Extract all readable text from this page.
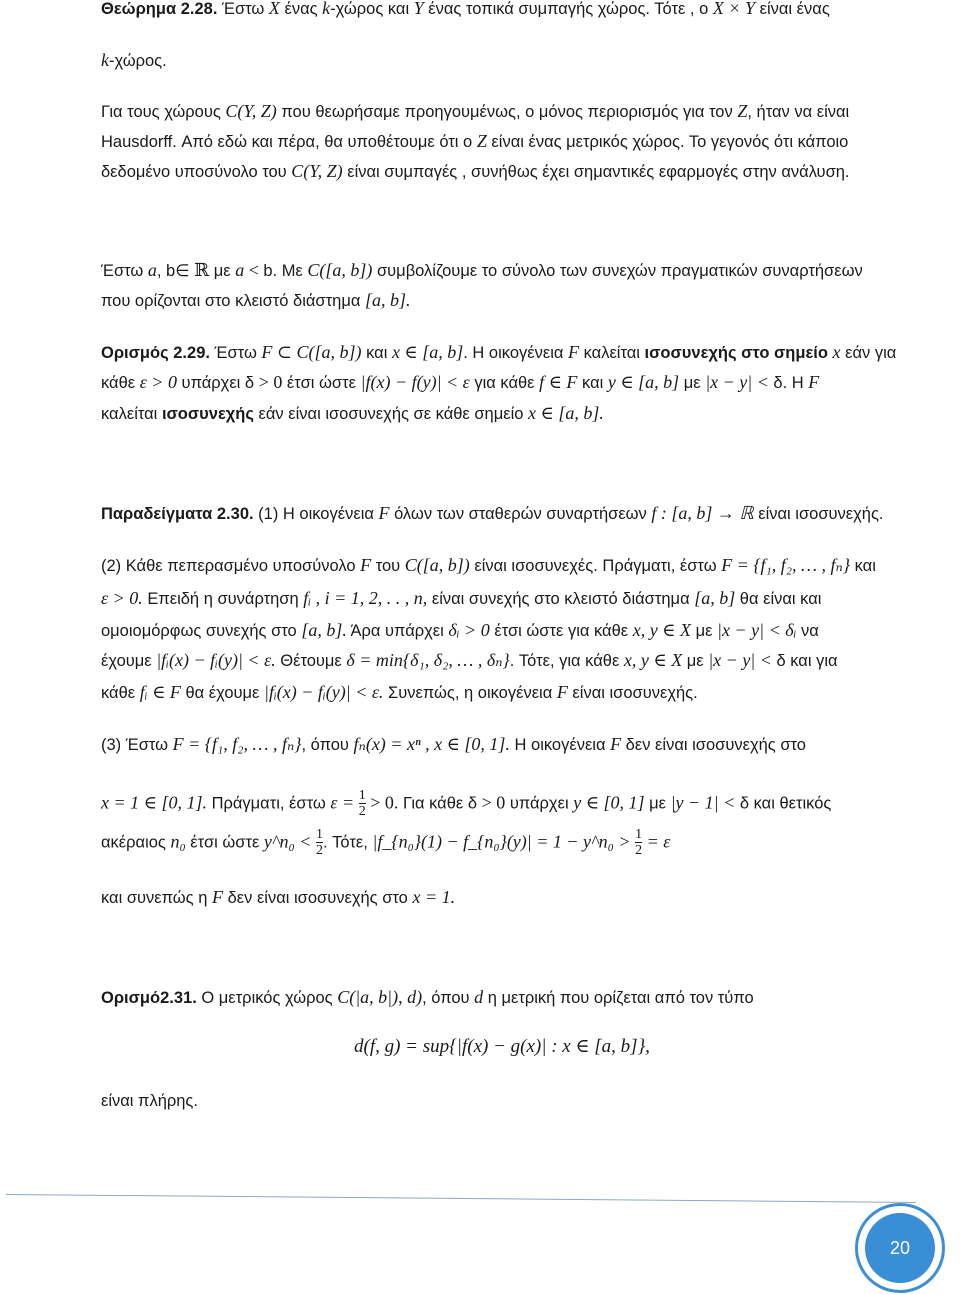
Θεώρημα 2.28. Έστω X ένας k-χώρος και Y ένας τοπικά συμπαγής χώρος. Τότε , ο X × Y είναι ένας
k-χώρος.
Για τους χώρους C(Y, Z) που θεωρήσαμε προηγουμένως, ο μόνος περιορισμός για τον Z, ήταν να είναι
Hausdorff. Από εδώ και πέρα, θα υποθέτουμε ότι ο Z είναι ένας μετρικός χώρος. Το γεγονός ότι κάποιο
δεδομένο υποσύνολο του C(Y, Z) είναι συμπαγές , συνήθως έχει σημαντικές εφαρμογές στην ανάλυση.
Έστω a, b∈ ℝ με a < b. Με C([a, b]) συμβολίζουμε το σύνολο των συνεχών πραγματικών συναρτήσεων
που ορίζονται στο κλειστό διάστημα [a, b].
Ορισμός 2.29. Έστω F ⊂ C([a, b]) και x ∈ [a, b]. Η οικογένεια F καλείται ισοσυνεχής στο σημείο x εάν για
κάθε ε > 0 υπάρχει δ > 0 έτσι ώστε |f(x) − f(y)| < ε για κάθε f ∈ F και y ∈ [a, b] με |x − y| < δ. Η F
καλείται ισοσυνεχής εάν είναι ισοσυνεχής σε κάθε σημείο x ∈ [a, b].
Παραδείγματα 2.30. (1) Η οικογένεια F όλων των σταθερών συναρτήσεων f : [a, b] → ℝ είναι ισοσυνεχής.
(2) Κάθε πεπερασμένο υποσύνολο F του C([a, b]) είναι ισοσυνεχές. Πράγματι, έστω F = {f₁, f₂, … , fₙ} και
ε > 0. Επειδή η συνάρτηση fᵢ , i = 1, 2, . . , n, είναι συνεχής στο κλειστό διάστημα [a, b] θα είναι και
ομοιομόρφως συνεχής στο [a, b]. Άρα υπάρχει δᵢ > 0 έτσι ώστε για κάθε x, y ∈ X με |x − y| < δᵢ να
έχουμε |fᵢ(x) − fᵢ(y)| < ε. Θέτουμε δ = min{δ₁, δ₂, … , δₙ}. Τότε, για κάθε x, y ∈ X με |x − y| < δ και για
κάθε fᵢ ∈ F θα έχουμε |fᵢ(x) − fᵢ(y)| < ε. Συνεπώς, η οικογένεια F είναι ισοσυνεχής.
(3) Έστω F = {f₁, f₂, … , fₙ}, όπου fₙ(x) = xⁿ , x ∈ [0, 1]. Η οικογένεια F δεν είναι ισοσυνεχής στο
x = 1 ∈ [0, 1]. Πράγματι, έστω $\varepsilon = \frac{1}{2} > 0$. Για κάθε δ > 0 υπάρχει y ∈ [0, 1] με |y − 1| < δ και θετικός
ακέραιος n₀ έτσι ώστε y^n₀ < $\frac{1}{2}$ . Τότε, |f_{n₀}(1) − f_{n₀}(y)| = 1 − y^n₀ > $\frac{1}{2} = \varepsilon$
και συνεπώς η F δεν είναι ισοσυνεχής στο x = 1.
Ορισμό2.31. Ο μετρικός χώρος C(|a, b|), d), όπου d η μετρική που ορίζεται από τον τύπο
d(f, g) = sup{|f(x) − g(x)| : x ∈ [a, b]},
είναι πλήρης.
20
